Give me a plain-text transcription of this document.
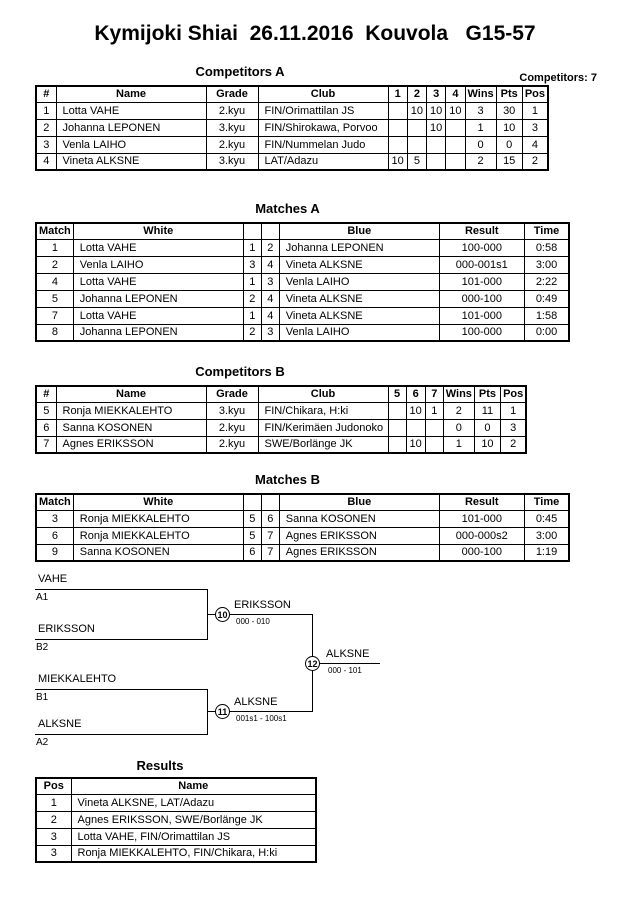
Kymijoki Shiai  26.11.2016  Kouvola   G15-57
Competitors: 7
Competitors A
#	Name	Grade	Club	1	2	3	4	Wins	Pts	Pos
1	Lotta VAHE	2.kyu	FIN/Orimattilan JS		10	10	10	3	30	1
2	Johanna LEPONEN	3.kyu	FIN/Shirokawa, Porvoo			10		1	10	3
3	Venla LAIHO	2.kyu	FIN/Nummelan Judo					0	0	4
4	Vineta ALKSNE	3.kyu	LAT/Adazu	10	5			2	15	2
Matches A
Match	White			Blue	Result	Time
1	Lotta VAHE	1	2	Johanna LEPONEN	100-000	0:58
2	Venla LAIHO	3	4	Vineta ALKSNE	000-001s1	3:00
4	Lotta VAHE	1	3	Venla LAIHO	101-000	2:22
5	Johanna LEPONEN	2	4	Vineta ALKSNE	000-100	0:49
7	Lotta VAHE	1	4	Vineta ALKSNE	101-000	1:58
8	Johanna LEPONEN	2	3	Venla LAIHO	100-000	0:00
Competitors B
#	Name	Grade	Club	5	6	7	Wins	Pts	Pos
5	Ronja MIEKKALEHTO	3.kyu	FIN/Chikara, H:ki		10	1	2	11	1
6	Sanna KOSONEN	2.kyu	FIN/Kerimäen Judonoko				0	0	3
7	Agnes ERIKSSON	2.kyu	SWE/Borlänge JK		10		1	10	2
Matches B
Match	White			Blue	Result	Time
3	Ronja MIEKKALEHTO	5	6	Sanna KOSONEN	101-000	0:45
6	Ronja MIEKKALEHTO	5	7	Agnes ERIKSSON	000-000s2	3:00
9	Sanna KOSONEN	6	7	Agnes ERIKSSON	000-100	1:19
VAHE
A1
ERIKSSON
B2
10
ERIKSSON
000 - 010
MIEKKALEHTO
B1
ALKSNE
A2
11
ALKSNE
001s1 - 100s1
12
ALKSNE
000 - 101
Results
Pos	Name
1	Vineta ALKSNE, LAT/Adazu
2	Agnes ERIKSSON, SWE/Borlänge JK
3	Lotta VAHE, FIN/Orimattilan JS
3	Ronja MIEKKALEHTO, FIN/Chikara, H:ki
